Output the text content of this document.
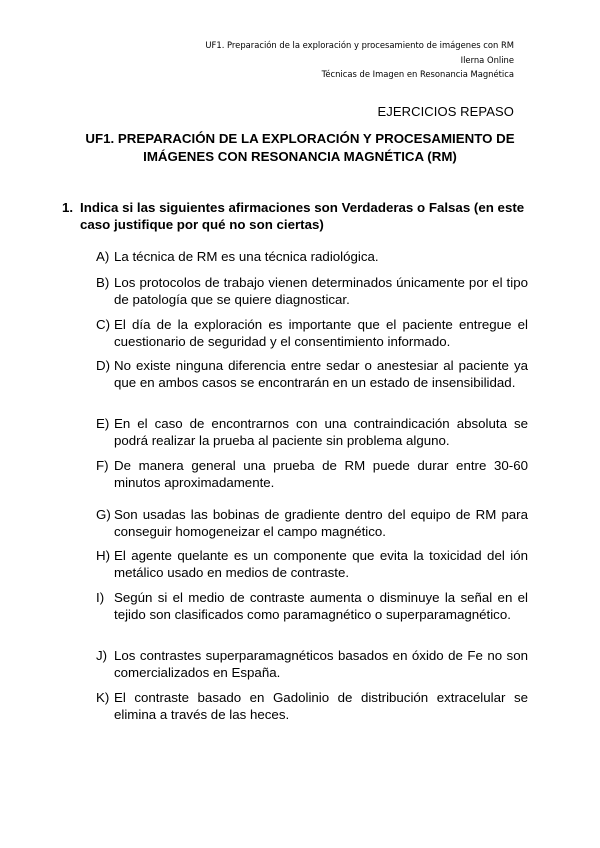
UF1. Preparación de la exploración y procesamiento de imágenes con RM
Ilerna Online
Técnicas de Imagen en Resonancia Magnética
EJERCICIOS REPASO
UF1. PREPARACIÓN DE LA EXPLORACIÓN Y PROCESAMIENTO DE
IMÁGENES CON RESONANCIA MAGNÉTICA (RM)
1. Indica si las siguientes afirmaciones son Verdaderas o Falsas (en este caso justifique por qué no son ciertas)
A) La técnica de RM es una técnica radiológica.
B) Los protocolos de trabajo vienen determinados únicamente por el tipo de patología que se quiere diagnosticar.
C) El día de la exploración es importante que el paciente entregue el cuestionario de seguridad y el consentimiento informado.
D) No existe ninguna diferencia entre sedar o anestesiar al paciente ya que en ambos casos se encontrarán en un estado de insensibilidad.
E) En el caso de encontrarnos con una contraindicación absoluta se podrá realizar la prueba al paciente sin problema alguno.
F) De manera general una prueba de RM puede durar entre 30-60 minutos aproximadamente.
G) Son usadas las bobinas de gradiente dentro del equipo de RM para conseguir homogeneizar el campo magnético.
H) El agente quelante es un componente que evita la toxicidad del ión metálico usado en medios de contraste.
I) Según si el medio de contraste aumenta o disminuye la señal en el tejido son clasificados como paramagnético o superparamagnético.
J) Los contrastes superparamagnéticos basados en óxido de Fe no son comercializados en España.
K) El contraste basado en Gadolinio de distribución extracelular se elimina a través de las heces.
